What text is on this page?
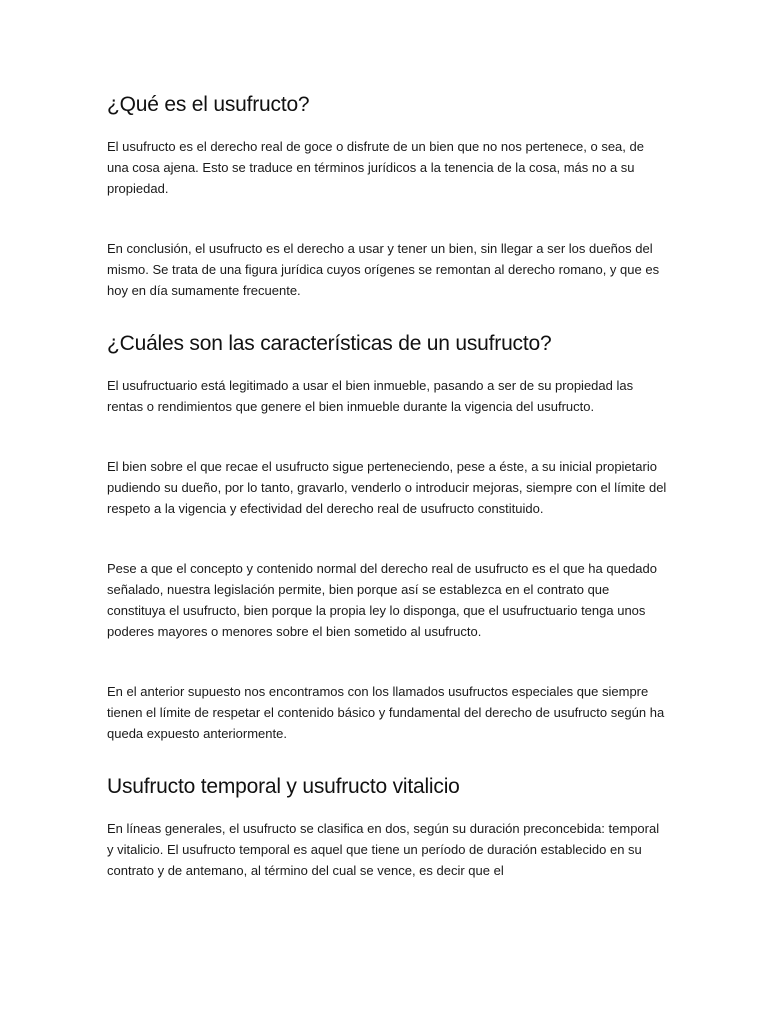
¿Qué es el usufructo?

El usufructo es el derecho real de goce o disfrute de un bien que no nos pertenece, o sea, de una cosa ajena. Esto se traduce en términos jurídicos a la tenencia de la cosa, más no a su propiedad.

En conclusión, el usufructo es el derecho a usar y tener un bien, sin llegar a ser los dueños del mismo. Se trata de una figura jurídica cuyos orígenes se remontan al derecho romano, y que es hoy en día sumamente frecuente.

¿Cuáles son las características de un usufructo?

El usufructuario está legitimado a usar el bien inmueble, pasando a ser de su propiedad las rentas o rendimientos que genere el bien inmueble durante la vigencia del usufructo.

El bien sobre el que recae el usufructo sigue perteneciendo, pese a éste, a su inicial propietario pudiendo su dueño, por lo tanto, gravarlo, venderlo o introducir mejoras, siempre con el límite del respeto a la vigencia y efectividad del derecho real de usufructo constituido.

Pese a que el concepto y contenido normal del derecho real de usufructo es el que ha quedado señalado, nuestra legislación permite, bien porque así se establezca en el contrato que constituya el usufructo, bien porque la propia ley lo disponga, que el usufructuario tenga unos poderes mayores o menores sobre el bien sometido al usufructo.

En el anterior supuesto nos encontramos con los llamados usufructos especiales que siempre tienen el límite de respetar el contenido básico y fundamental del derecho de usufructo según ha queda expuesto anteriormente.

Usufructo temporal y usufructo vitalicio

En líneas generales, el usufructo se clasifica en dos, según su duración preconcebida: temporal y vitalicio. El usufructo temporal es aquel que tiene un período de duración establecido en su contrato y de antemano, al término del cual se vence, es decir que el
